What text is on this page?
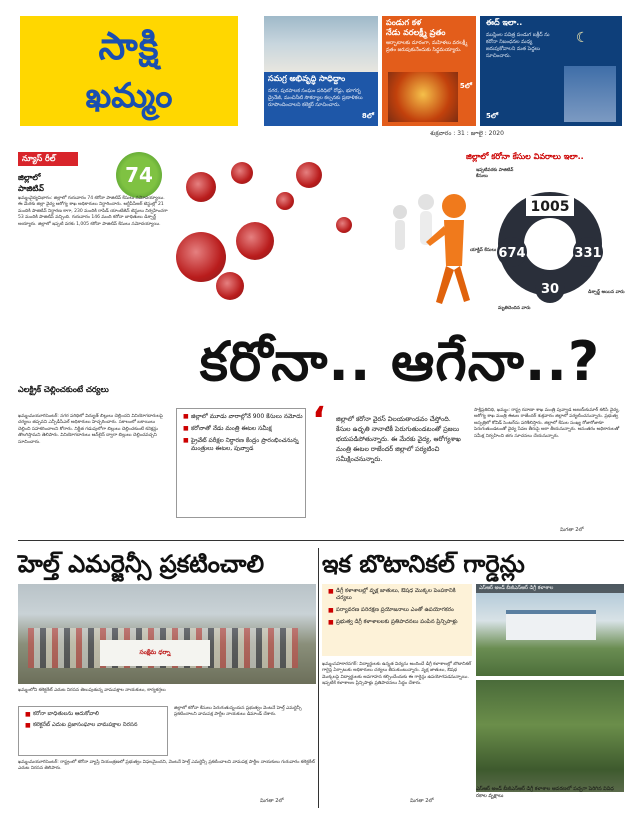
సాక్షి
ఖమ్మం	సమగ్ర అభివృద్ధి సాధిద్దాం
నగర, పురపాలక సంఘం పరిధిలో రోడ్లు, భూగర్భ డ్రైనేజీ, మంచినీటి సౌకర్యాల కల్పనకు ప్రణాళికలు రూపొందించాలని కలెక్టర్ సూచించారు.
8లో
పండుగ కళ
నేడు వరలక్ష్మీ వ్రతం
ఆర్భాటాలకు దూరంగా, మహిళలు వరలక్ష్మీ వ్రతం జరుపుకునేందుకు సిద్ధమయ్యారు.
5లో
ఈద్ ఇలా..
ముస్లింల పవిత్ర పండుగ బక్రీద్ ను కరోనా నిబంధనల మధ్య జరుపుకోవాలని మత పెద్దలు సూచించారు.
☾
5లో
శుక్రవారం : 31 : జూలై : 2020
న్యూస్ రీల్
74
జిల్లాలో
పాజిటివ్
ఖమ్మంవైద్యవిభాగం: జిల్లాలో గురువారం 74 కరోనా పాజిటివ్ కేసులు నమోదయ్యాయి. ఈ మేరకు జిల్లా వైద్య ఆరోగ్య శాఖ అధికారులు నిర్ధారించారు. ఆర్టీపీసీఆర్ టెస్టుల్లో 21 మందికి పాజిటివ్ నిర్ధారణ కాగా, 230 మందికి రాపిడ్ యాంటిజెన్ టెస్టులు నిర్వహించగా 53 మందికి పాజిటివ్ వచ్చింది. గురువారం 146 మంది కరోనా బాధితులు డిశ్చార్జ్ అయ్యారు. జిల్లాలో ఇప్పటి వరకు 1,005 కరోనా పాజిటివ్ కేసులు నమోదయ్యాయి.
ఎలక్ట్రిక్ చెల్లించకుంటే చర్యలు
ఖమ్మంమయూరిసెంటర్: నగర పరిధిలో విద్యుత్ బిల్లులు చెల్లించని వినియోగదారులపై చర్యలు తప్పవని ఎన్పీడీసీఎల్ అధికారులు హెచ్చరించారు. సకాలంలో బకాయిలు చెల్లించి సహకరించాలని కోరారు. నిర్ణీత గడువులోగా బిల్లులు చెల్లించకుంటే కనెక్షన్లు తొలగిస్తామని తెలిపారు. వినియోగదారులు ఆన్‌లైన్ ద్వారా బిల్లులు చెల్లించవచ్చని సూచించారు.
జిల్లాలో కరోనా కేసుల వివరాలు ఇలా..
1005
674	331
30
ఇప్పటివరకు పాజిటివ్ కేసులు
యాక్టివ్ కేసులు
డిశ్చార్జ్ అయిన వారు
మృతిచెందిన వారు
కరోనా.. ఆగేనా..?
■ జిల్లాలో మూడు వారాల్లోనే 900 కేసులు నమోదు
■ కరోనాతో నేడు మంత్రి ఈటల సమీక్ష
■ ప్రైవేట్ పరీక్షల నిర్ధారణ కేంద్రం ప్రారంభించనున్న మంత్రులు ఈటల, పువ్వాడ
‘ జిల్లాలో కరోనా వైరస్ విలయతాండవం చేస్తోంది. కేసుల ఉధృతి నానాటికీ పెరుగుతుండటంతో ప్రజలు భయపడిపోతున్నారు. ఈ మేరకు వైద్య, ఆరోగ్యశాఖ మంత్రి ఈటల రాజేందర్ జిల్లాలో పర్యటించి సమీక్షించనున్నారు.
సాక్షిప్రతినిధి, ఖమ్మం: రాష్ట్ర రవాణా శాఖ మంత్రి పువ్వాడ అజయ్‌కుమార్ కలిసి వైద్య, ఆరోగ్య శాఖ మంత్రి ఈటల రాజేందర్ శుక్రవారం జిల్లాలో పర్యటించనున్నారు. ప్రభుత్వ ఆస్పత్రిలో కోవిడ్ సెంటర్‌ను పరిశీలిస్తారు. జిల్లాలో కేసుల సంఖ్య రోజురోజుకూ పెరుగుతుండటంతో వైద్య సేవల తీరుపై ఆరా తీయనున్నారు. అనంతరం అధికారులతో సమీక్ష నిర్వహించి తగు సూచనలు చేయనున్నారు.
మిగతా 2లో
హెల్త్ ఎమర్జెన్సీ ప్రకటించాలి
సంక్షేమ ధర్నా
ఖమ్మంలోని కలెక్టరేట్ ఎదుట నిరసన తెలుపుతున్న వామపక్షాల నాయకులు, కార్యకర్తలు
■ కరోనా బాధితులను ఆదుకోవాలి
■ కలెక్టరేట్ ఎదుట ప్రజాసంఘాల వామపక్షాల నిరసన
జిల్లాలో కరోనా కేసులు పెరుగుతున్నందున ప్రభుత్వం వెంటనే హెల్త్ ఎమర్జెన్సీ ప్రకటించాలని వామపక్ష పార్టీల నాయకులు డిమాండ్ చేశారు.
ఖమ్మంమయూరిసెంటర్: రాష్ట్రంలో కరోనా వ్యాప్తి నియంత్రణలో ప్రభుత్వం విఫలమైందని, వెంటనే హెల్త్ ఎమర్జెన్సీ ప్రకటించాలని వామపక్ష పార్టీల నాయకులు గురువారం కలెక్టరేట్ ఎదుట నిరసన తెలిపారు.
మిగతా 2లో
ఇక బొటానికల్ గార్డెన్లు
■ డిగ్రీ కళాశాలల్లో వృక్ష జాతులు, ఔషధ మొక్కల పెంపకానికి చర్యలు
■ పర్యావరణ పరిరక్షణ ప్రయోజనాలు ఎంతో ఉపయోగకరం
■ ప్రభుత్వ డిగ్రీ కళాశాలలకు ప్రతిపాదనలు పంపిన ప్రిన్సిపాళ్లు
ఎస్ఆర్ అండ్ బీజీఎన్ఆర్ డిగ్రీ కళాశాల
ఎస్ఆర్ అండ్ బీజీఎన్ఆర్ డిగ్రీ కళాశాల ఆవరణలో పచ్చగా పెరిగిన వివిధ రకాల వృక్షాలు
ఖమ్మంసహకారనగర్: విద్యార్థులకు ఉన్నత విద్యను అందించే డిగ్రీ కళాశాలల్లో బొటానికల్ గార్డెన్ల ఏర్పాటుకు అధికారులు చర్యలు తీసుకుంటున్నారు. వృక్ష జాతులు, ఔషధ మొక్కలపై విద్యార్థులకు అవగాహన కల్పించేందుకు ఈ గార్డెన్లు ఉపయోగపడనున్నాయి. ఇప్పటికే కళాశాలల ప్రిన్సిపాళ్లు ప్రతిపాదనలు సిద్ధం చేశారు.
మిగతా 2లో
